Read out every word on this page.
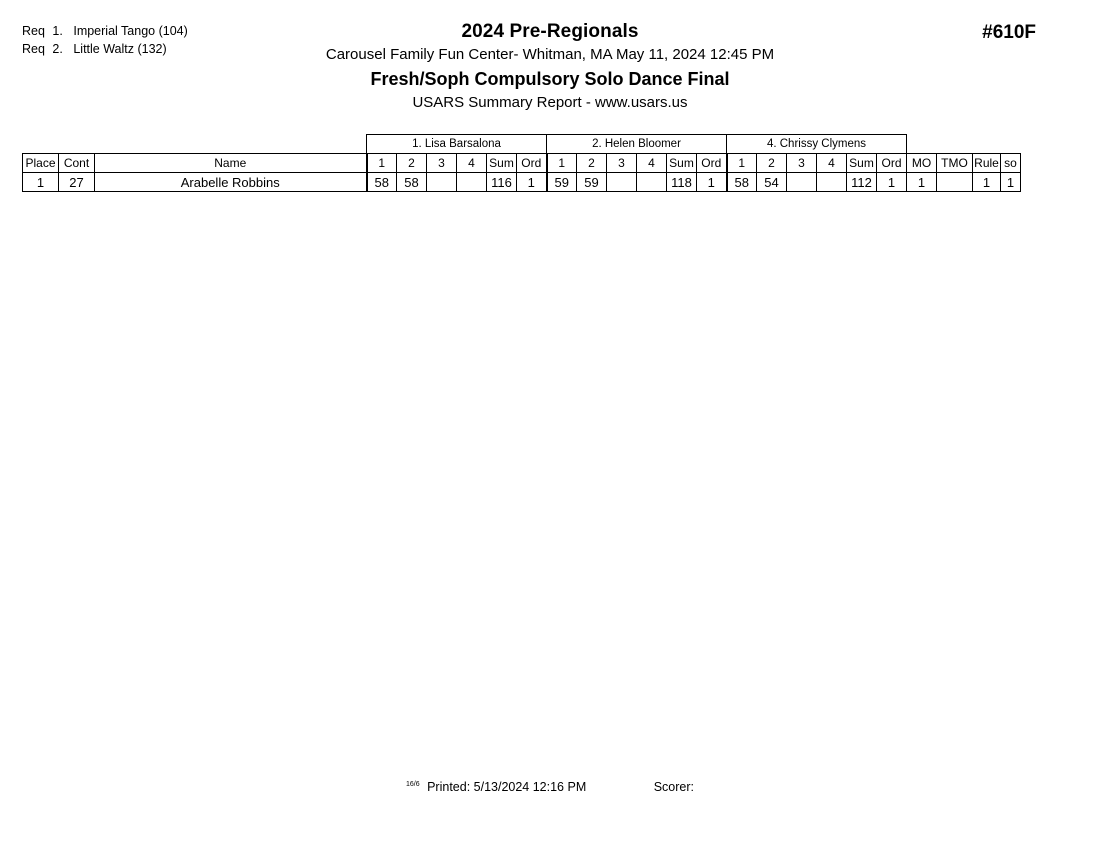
Req 1. Imperial Tango (104)
Req 2. Little Waltz (132)
2024 Pre-Regionals
Carousel Family Fun Center- Whitman, MA May 11, 2024 12:45 PM
Fresh/Soph Compulsory Solo Dance Final
USARS Summary Report - www.usars.us
#610F
			1. Lisa Barsalona						2. Helen Bloomer						4. Chrissy Clymens									
Place	Cont	Name	1	2	3	4	Sum	Ord	1	2	3	4	Sum	Ord	1	2	3	4	Sum	Ord	MO	TMO	Rule	so
1	27	Arabelle Robbins	58	58			116	1	59	59			118	1	58	54			112	1	1		1	1
$^{16/6}$ Printed: 5/13/2024 12:16 PM	Scorer:
